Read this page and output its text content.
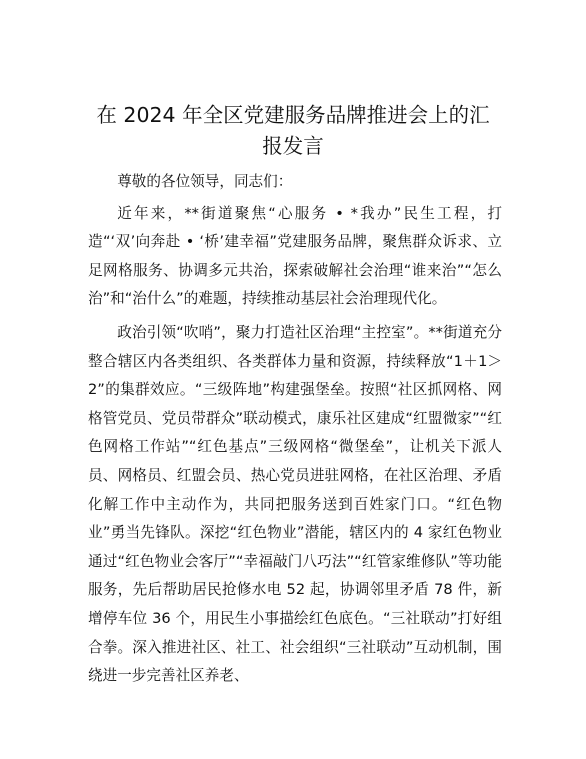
在 2024 年全区党建服务品牌推进会上的汇报发言

尊敬的各位领导，同志们：

近年来，**街道聚焦“心服务 • *我办”民生工程，打造“‘双’向奔赴 • ‘桥’建幸福”党建服务品牌，聚焦群众诉求、立足网格服务、协调多元共治，探索破解社会治理“谁来治”“怎么治”和“治什么”的难题，持续推动基层社会治理现代化。

政治引领“吹哨”，聚力打造社区治理“主控室”。**街道充分整合辖区内各类组织、各类群体力量和资源，持续释放“1＋1＞2”的集群效应。“三级阵地”构建强堡垒。按照“社区抓网格、网格管党员、党员带群众”联动模式，康乐社区建成“红盟微家”“红色网格工作站”“红色基点”三级网格“微堡垒”，让机关下派人员、网格员、红盟会员、热心党员进驻网格，在社区治理、矛盾化解工作中主动作为，共同把服务送到百姓家门口。“红色物业”勇当先锋队。深挖“红色物业”潜能，辖区内的 4 家红色物业通过“红色物业会客厅”“幸福敲门八巧法”“红管家维修队”等功能服务，先后帮助居民抢修水电 52 起，协调邻里矛盾 78 件，新增停车位 36 个，用民生小事描绘红色底色。“三社联动”打好组合拳。深入推进社区、社工、社会组织“三社联动”互动机制，围绕进一步完善社区养老、
